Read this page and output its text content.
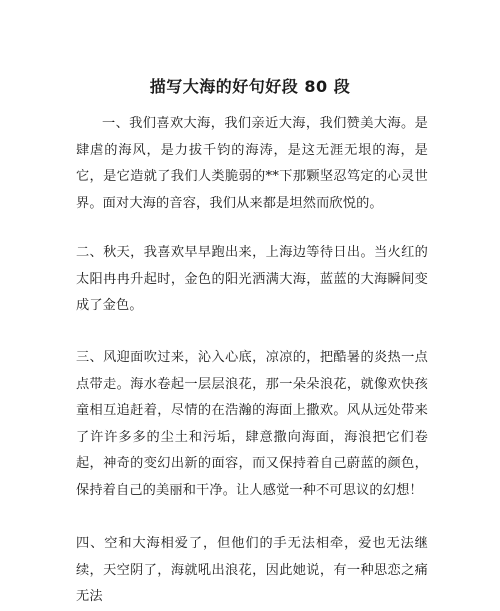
描写大海的好句好段 80 段

一、我们喜欢大海，我们亲近大海，我们赞美大海。是肆虐的海风，是力拔千钧的海涛，是这无涯无垠的海，是它，是它造就了我们人类脆弱的**下那颗坚忍笃定的心灵世界。面对大海的音容，我们从来都是坦然而欣悦的。

二、秋天，我喜欢早早跑出来，上海边等待日出。当火红的太阳冉冉升起时，金色的阳光洒满大海，蓝蓝的大海瞬间变成了金色。

三、风迎面吹过来，沁入心底，凉凉的，把酷暑的炎热一点点带走。海水卷起一层层浪花，那一朵朵浪花，就像欢快孩童相互追赶着，尽情的在浩瀚的海面上撒欢。风从远处带来了许许多多的尘土和污垢，肆意撒向海面，海浪把它们卷起，神奇的变幻出新的面容，而又保持着自己蔚蓝的颜色，保持着自己的美丽和干净。让人感觉一种不可思议的幻想！

四、空和大海相爱了，但他们的手无法相牵，爱也无法继续，天空阴了，海就吼出浪花，因此她说，有一种思恋之痛无法
